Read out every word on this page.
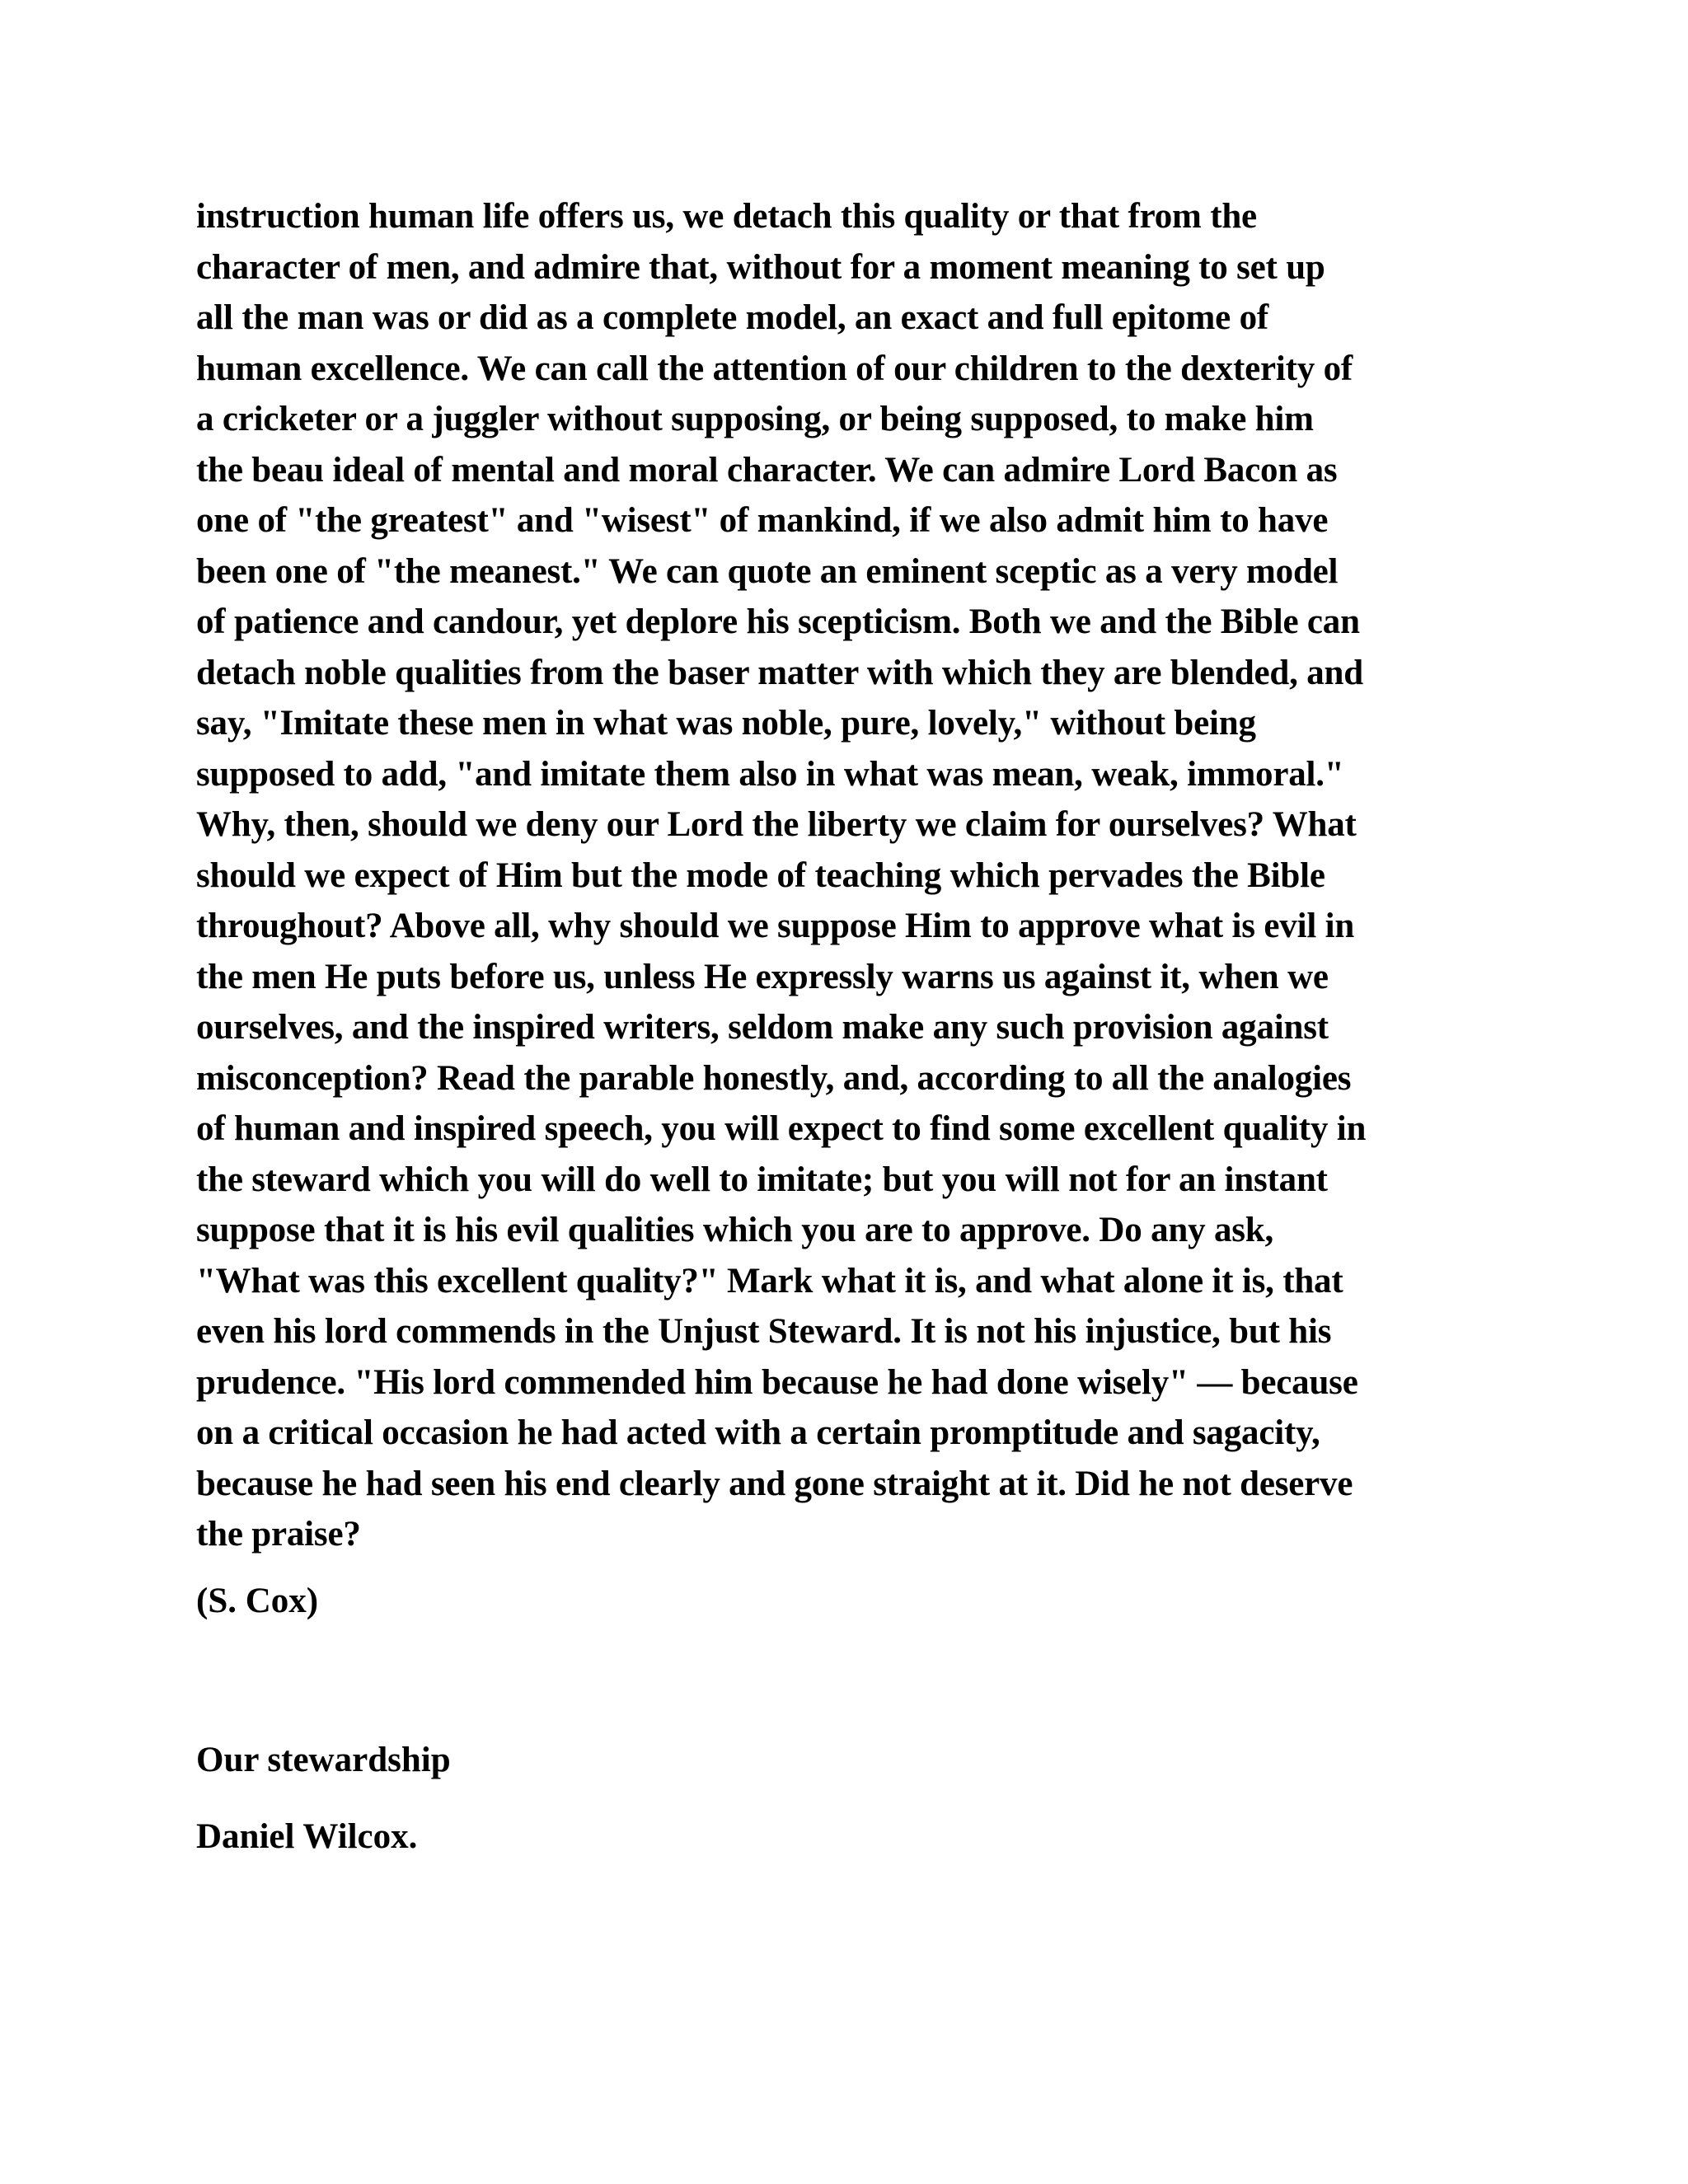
instruction human life offers us, we detach this quality or that from the
character of men, and admire that, without for a moment meaning to set up
all the man was or did as a complete model, an exact and full epitome of
human excellence. We can call the attention of our children to the dexterity of
a cricketer or a juggler without supposing, or being supposed, to make him
the beau ideal of mental and moral character. We can admire Lord Bacon as
one of "the greatest" and "wisest" of mankind, if we also admit him to have
been one of "the meanest." We can quote an eminent sceptic as a very model
of patience and candour, yet deplore his scepticism. Both we and the Bible can
detach noble qualities from the baser matter with which they are blended, and
say, "Imitate these men in what was noble, pure, lovely," without being
supposed to add, "and imitate them also in what was mean, weak, immoral."
Why, then, should we deny our Lord the liberty we claim for ourselves? What
should we expect of Him but the mode of teaching which pervades the Bible
throughout? Above all, why should we suppose Him to approve what is evil in
the men He puts before us, unless He expressly warns us against it, when we
ourselves, and the inspired writers, seldom make any such provision against
misconception? Read the parable honestly, and, according to all the analogies
of human and inspired speech, you will expect to find some excellent quality in
the steward which you will do well to imitate; but you will not for an instant
suppose that it is his evil qualities which you are to approve. Do any ask,
"What was this excellent quality?" Mark what it is, and what alone it is, that
even his lord commends in the Unjust Steward. It is not his injustice, but his
prudence. "His lord commended him because he had done wisely" — because
on a critical occasion he had acted with a certain promptitude and sagacity,
because he had seen his end clearly and gone straight at it. Did he not deserve
the praise?
(S. Cox)
Our stewardship
Daniel Wilcox.
